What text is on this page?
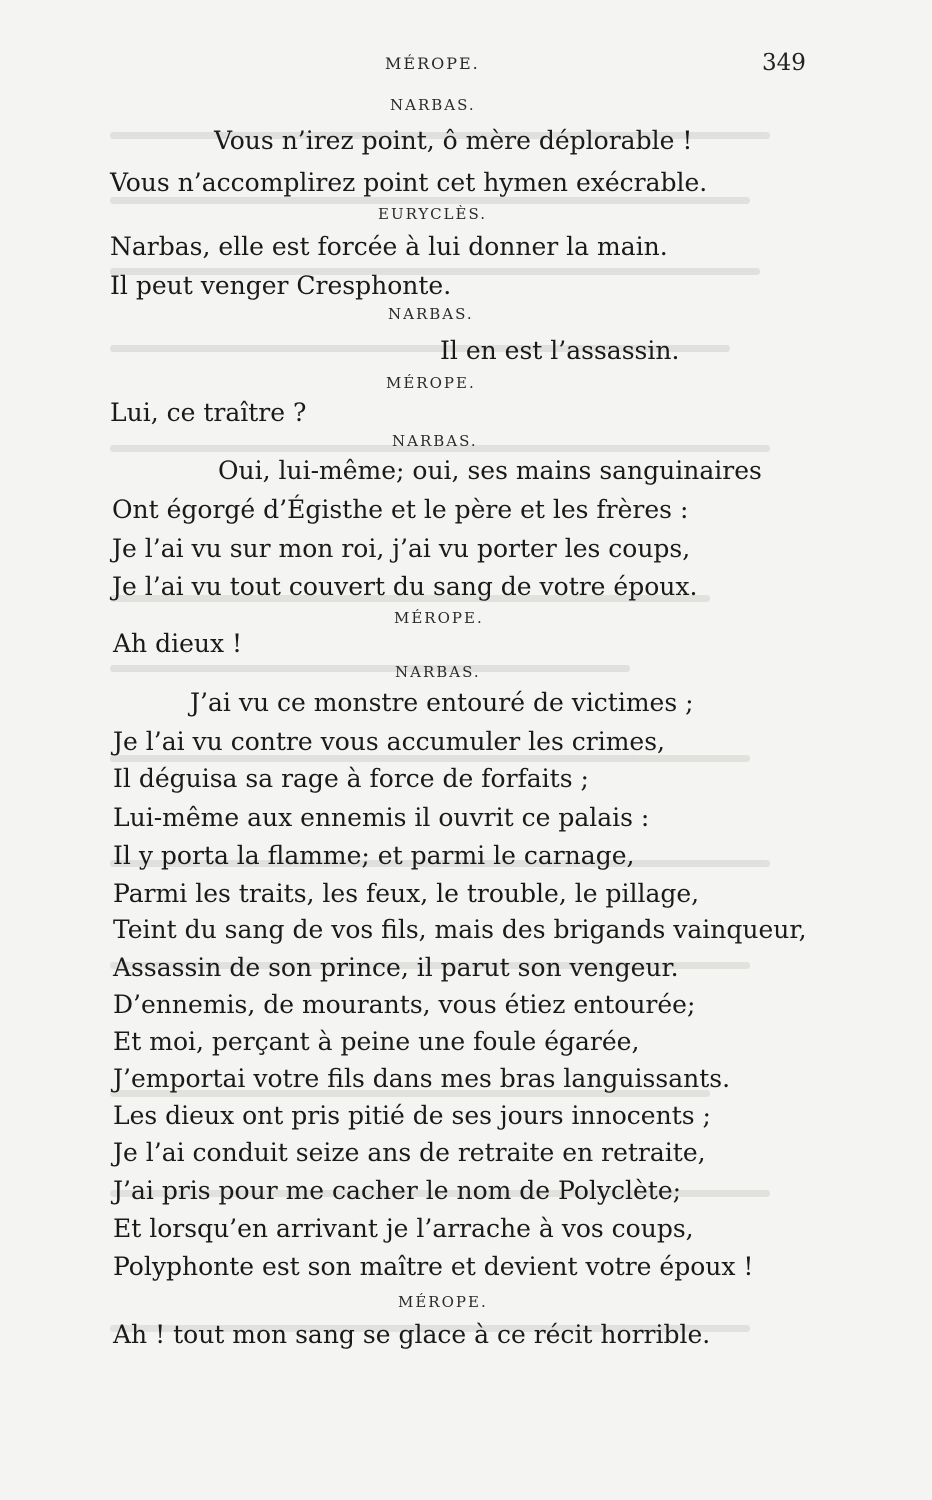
MÉROPE.	349
NARBAS.
Vous n’irez point, ô mère déplorable !
Vous n’accomplirez point cet hymen exécrable.
EURYCLÈS.
Narbas, elle est forcée à lui donner la main.
Il peut venger Cresphonte.
NARBAS.
Il en est l’assassin.
MÉROPE.
Lui, ce traître ?
NARBAS.
Oui, lui-même; oui, ses mains sanguinaires
Ont égorgé d’Égisthe et le père et les frères :
Je l’ai vu sur mon roi, j’ai vu porter les coups,
Je l’ai vu tout couvert du sang de votre époux.
MÉROPE.
Ah dieux !
NARBAS.
J’ai vu ce monstre entouré de victimes ;
Je l’ai vu contre vous accumuler les crimes,
Il déguisa sa rage à force de forfaits ;
Lui-même aux ennemis il ouvrit ce palais :
Il y porta la flamme; et parmi le carnage,
Parmi les traits, les feux, le trouble, le pillage,
Teint du sang de vos fils, mais des brigands vainqueur,
Assassin de son prince, il parut son vengeur.
D’ennemis, de mourants, vous étiez entourée;
Et moi, perçant à peine une foule égarée,
J’emportai votre fils dans mes bras languissants.
Les dieux ont pris pitié de ses jours innocents ;
Je l’ai conduit seize ans de retraite en retraite,
J’ai pris pour me cacher le nom de Polyclète;
Et lorsqu’en arrivant je l’arrache à vos coups,
Polyphonte est son maître et devient votre époux !
MÉROPE.
Ah ! tout mon sang se glace à ce récit horrible.
